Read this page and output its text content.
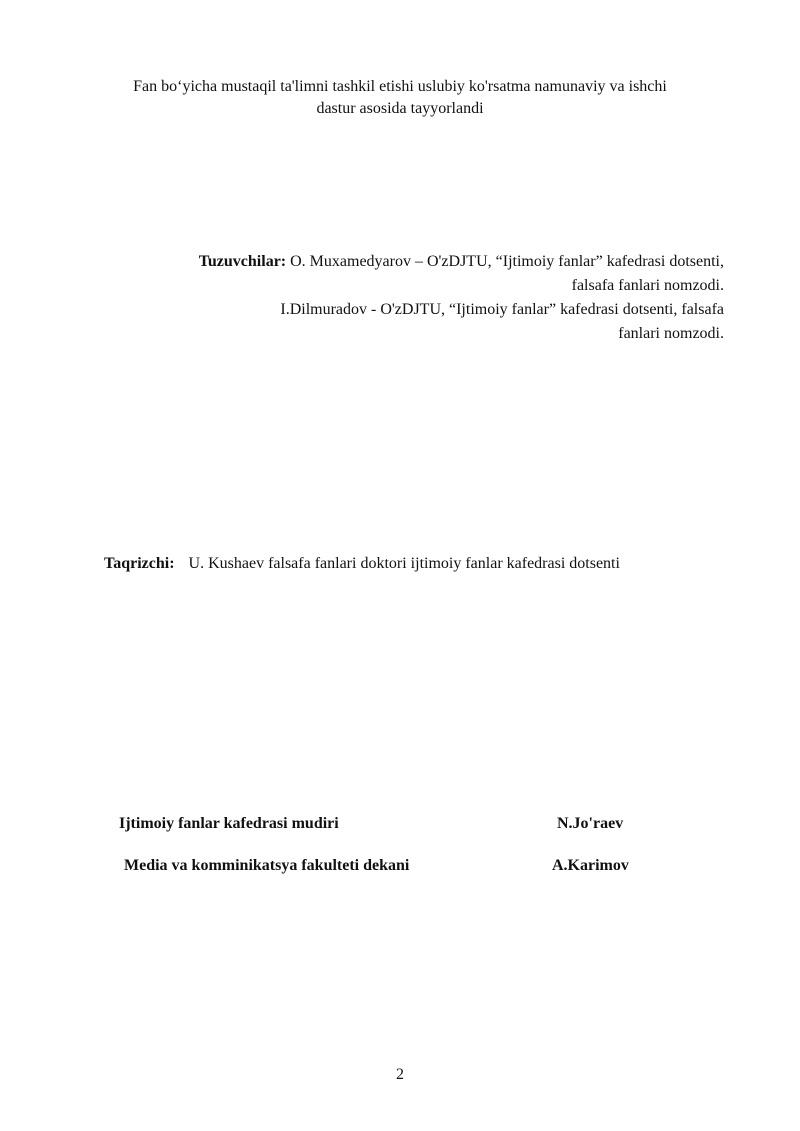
Fan bo‘yicha mustaqil ta'limni tashkil etishi uslubiy ko'rsatma namunaviy va ishchi
dastur asosida tayyorlandi
Tuzuvchilar: O. Muxamedyarov – O'zDJTU, “Ijtimoiy fanlar” kafedrasi dotsenti,
falsafa fanlari nomzodi.
I.Dilmuradov - O'zDJTU, “Ijtimoiy fanlar” kafedrasi dotsenti, falsafa
fanlari nomzodi.
Taqrizchi: U. Kushaev falsafa fanlari doktori ijtimoiy fanlar kafedrasi dotsenti
Ijtimoiy fanlar kafedrasi mudiri	N.Jo'raev
Media va komminikatsya fakulteti dekani	A.Karimov
2
